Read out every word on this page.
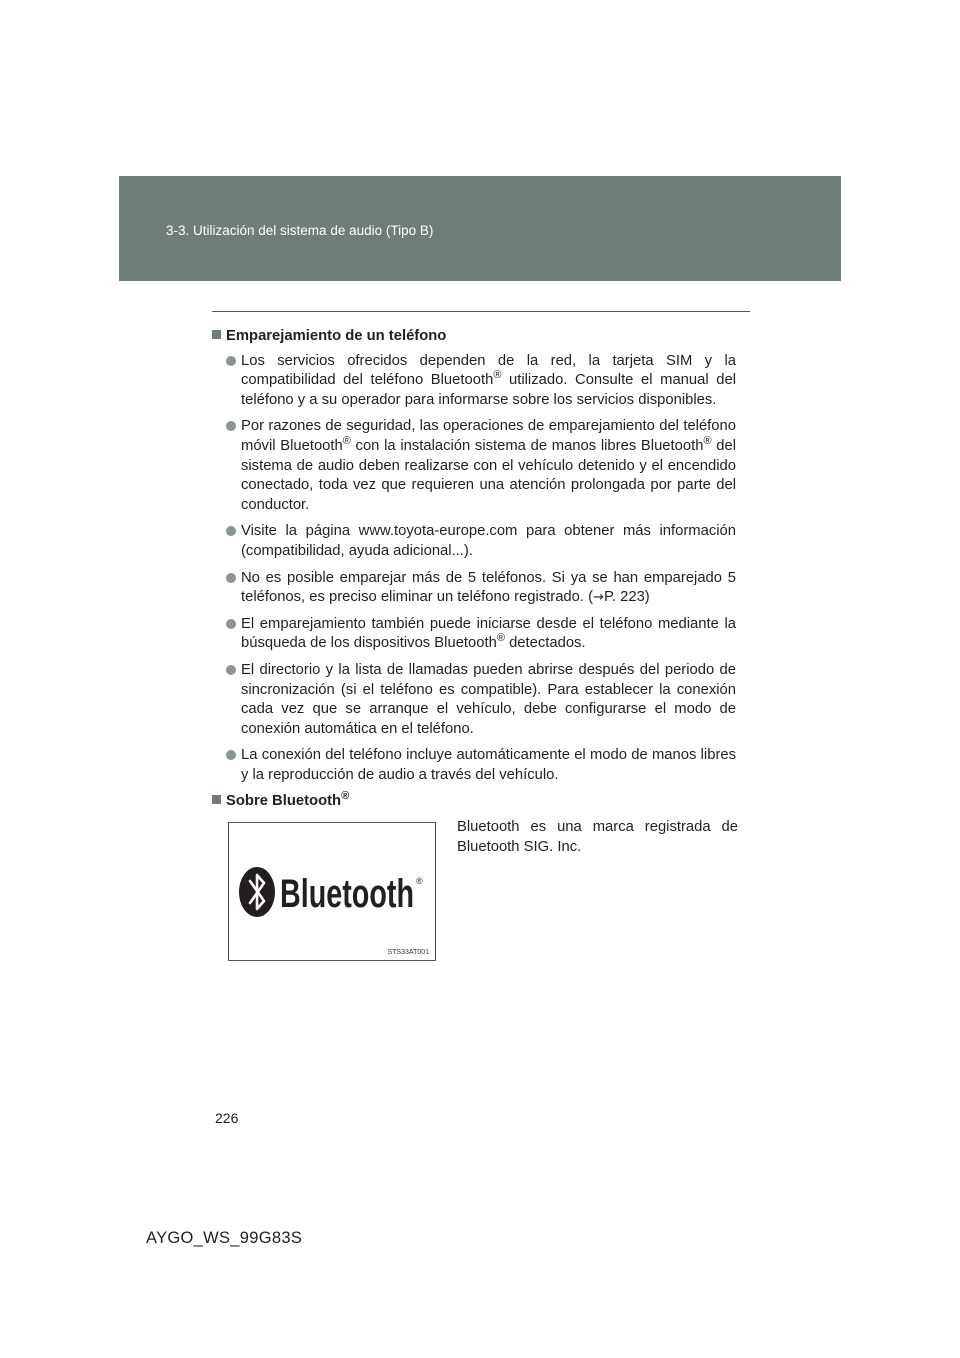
3-3. Utilización del sistema de audio (Tipo B)
Emparejamiento de un teléfono
Los servicios ofrecidos dependen de la red, la tarjeta SIM y la compatibilidad del teléfono Bluetooth® utilizado. Consulte el manual del teléfono y a su operador para informarse sobre los servicios disponibles.
Por razones de seguridad, las operaciones de emparejamiento del teléfono móvil Bluetooth® con la instalación sistema de manos libres Bluetooth® del sistema de audio deben realizarse con el vehículo detenido y el encendido conectado, toda vez que requieren una atención prolongada por parte del conductor.
Visite la página www.toyota-europe.com para obtener más información (compatibilidad, ayuda adicional...).
No es posible emparejar más de 5 teléfonos. Si ya se han emparejado 5 teléfonos, es preciso eliminar un teléfono registrado. (→P. 223)
El emparejamiento también puede iniciarse desde el teléfono mediante la búsqueda de los dispositivos Bluetooth® detectados.
El directorio y la lista de llamadas pueden abrirse después del periodo de sincronización (si el teléfono es compatible). Para establecer la conexión cada vez que se arranque el vehículo, debe configurarse el modo de conexión automática en el teléfono.
La conexión del teléfono incluye automáticamente el modo de manos libres y la reproducción de audio a través del vehículo.
Sobre Bluetooth®
Bluetooth ®
STS33AT001
Bluetooth es una marca registrada de Bluetooth SIG. Inc.
226
AYGO_WS_99G83S
